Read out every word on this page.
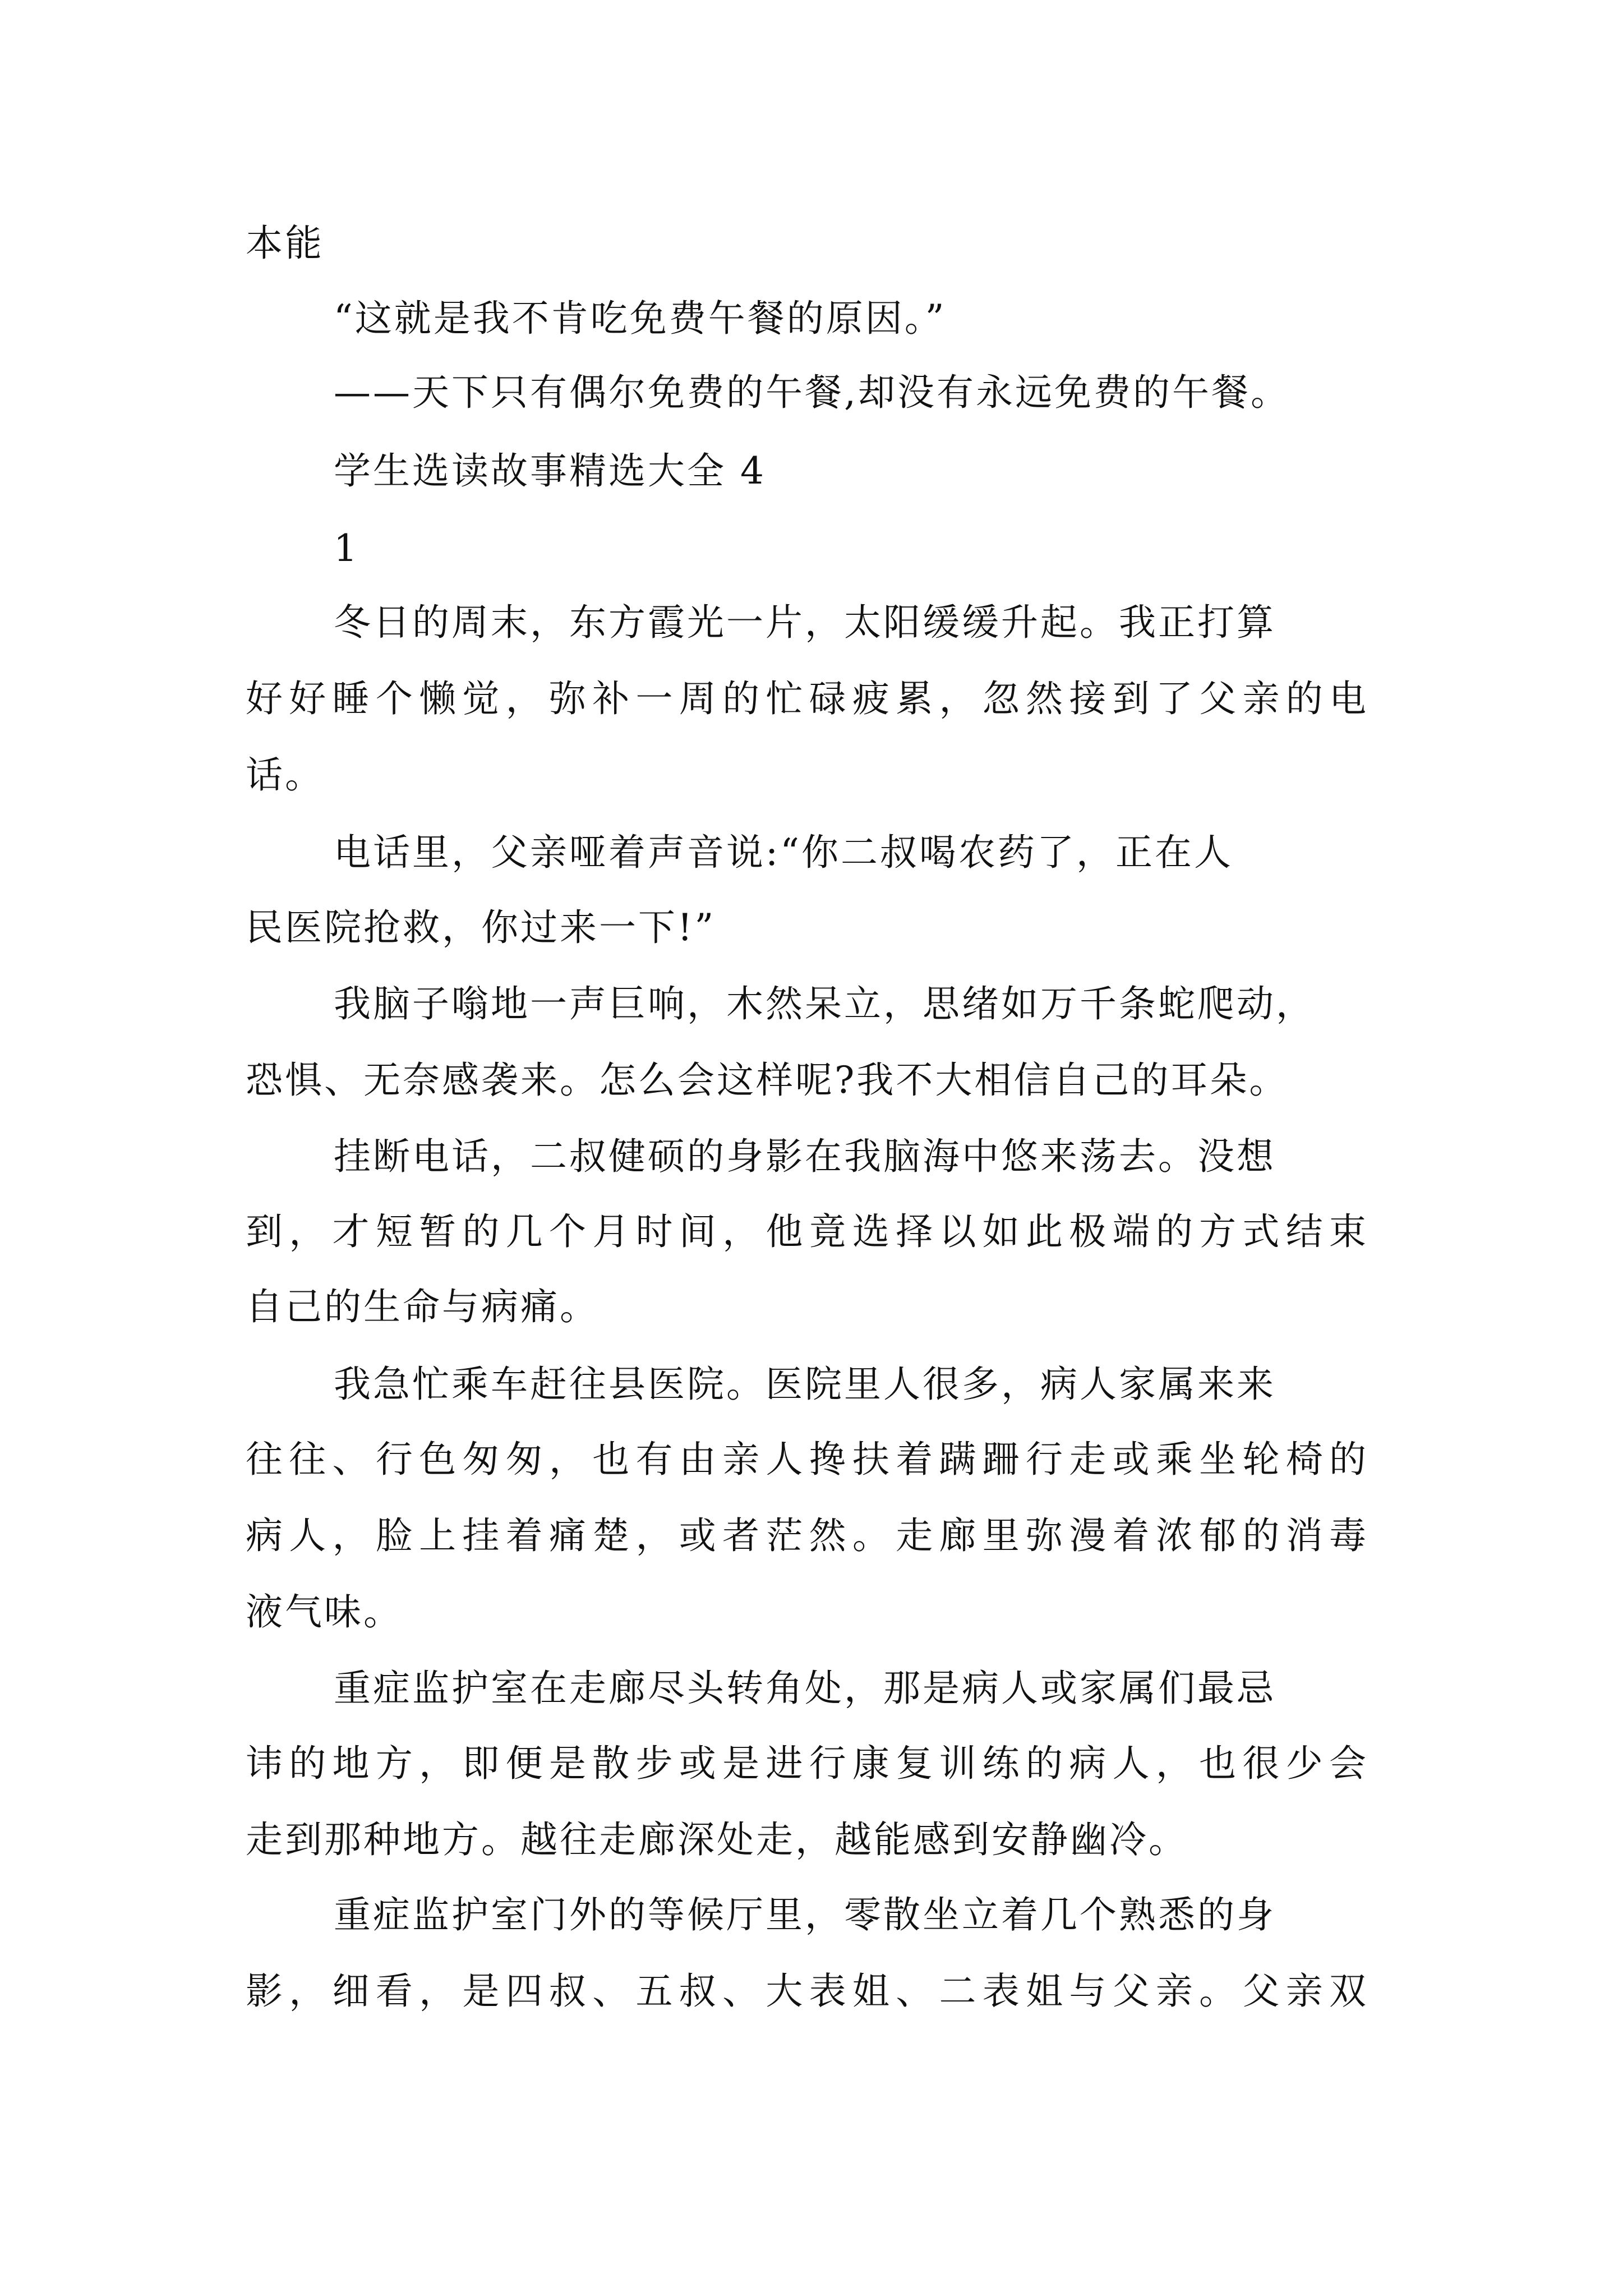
本能
“这就是我不肯吃免费午餐的原因。”
——天下只有偶尔免费的午餐,却没有永远免费的午餐。
学生选读故事精选大全 4
1
冬日的周末，东方霞光一片，太阳缓缓升起。我正打算
好好睡个懒觉，弥补一周的忙碌疲累，忽然接到了父亲的电
话。
电话里，父亲哑着声音说:“你二叔喝农药了，正在人
民医院抢救，你过来一下!”
我脑子嗡地一声巨响，木然呆立，思绪如万千条蛇爬动，
恐惧、无奈感袭来。怎么会这样呢?我不大相信自己的耳朵。
挂断电话，二叔健硕的身影在我脑海中悠来荡去。没想
到，才短暂的几个月时间，他竟选择以如此极端的方式结束
自己的生命与病痛。
我急忙乘车赶往县医院。医院里人很多，病人家属来来
往往、行色匆匆，也有由亲人搀扶着蹒跚行走或乘坐轮椅的
病人，脸上挂着痛楚，或者茫然。走廊里弥漫着浓郁的消毒
液气味。
重症监护室在走廊尽头转角处，那是病人或家属们最忌
讳的地方，即便是散步或是进行康复训练的病人，也很少会
走到那种地方。越往走廊深处走，越能感到安静幽冷。
重症监护室门外的等候厅里，零散坐立着几个熟悉的身
影，细看，是四叔、五叔、大表姐、二表姐与父亲。父亲双
